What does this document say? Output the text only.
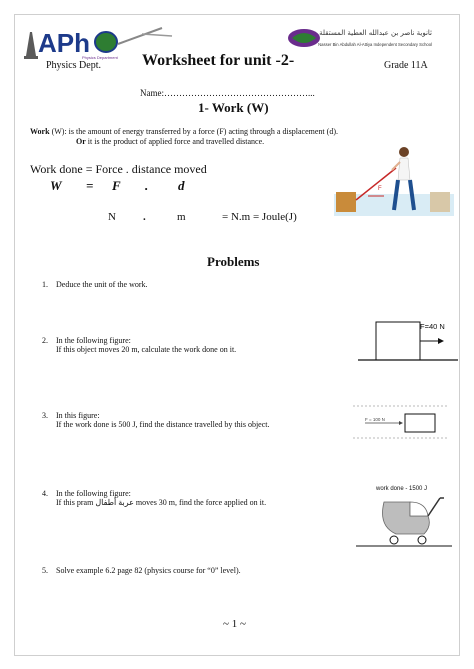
APh
Physics Department
ثانوية ناصر بن عبدالله العطية المستقلة
Nasser Bin Abdullah Al-Attiya Independent Secondary School
Physics Dept.	Worksheet for unit -2-	Grade 11A
Name:…………………………………………...
1- Work (W)
Work (W): is the amount of energy transferred by a force (F) acting through a displacement (d).
Or it is the product of applied force and travelled distance.
Work done = Force . distance moved
W = F . d
N .	m	= N.m = Joule(J)
F
Problems
1. Deduce the unit of the work.
2. In the following figure:
If this object moves 20 m, calculate the work done on it.
3. In this figure:
If the work done is 500 J, find the distance travelled by this object.
4. In the following figure:
If this pram عربة أطفال moves 30 m, find the force applied on it.
5. Solve example 6.2 page 82 (physics course for “0” level).
F=40 N
F = 100 N
work done - 1500 J
~ 1 ~
